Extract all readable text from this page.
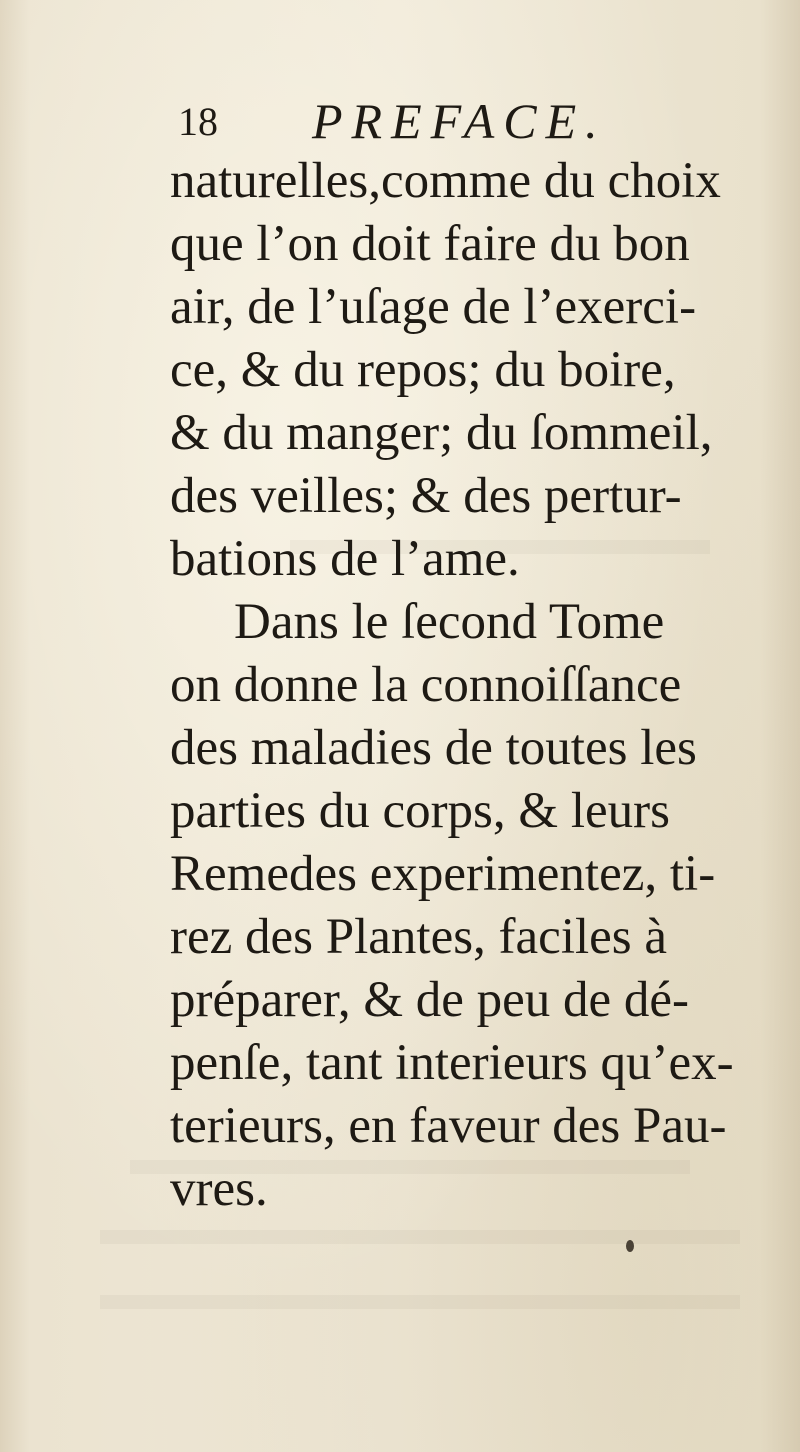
18 PREFACE.
naturelles,comme du choix
que l’on doit faire du bon
air, de l’uſage de l’exerci-
ce, & du repos; du boire,
& du manger; du ſommeil,
des veilles; & des pertur-
bations de l’ame.
Dans le ſecond Tome
on donne la connoiſſance
des maladies de toutes les
parties du corps, & leurs
Remedes experimentez, ti-
rez des Plantes, faciles à
préparer, & de peu de dé-
penſe, tant interieurs qu’ex-
terieurs, en faveur des Pau-
vres.
